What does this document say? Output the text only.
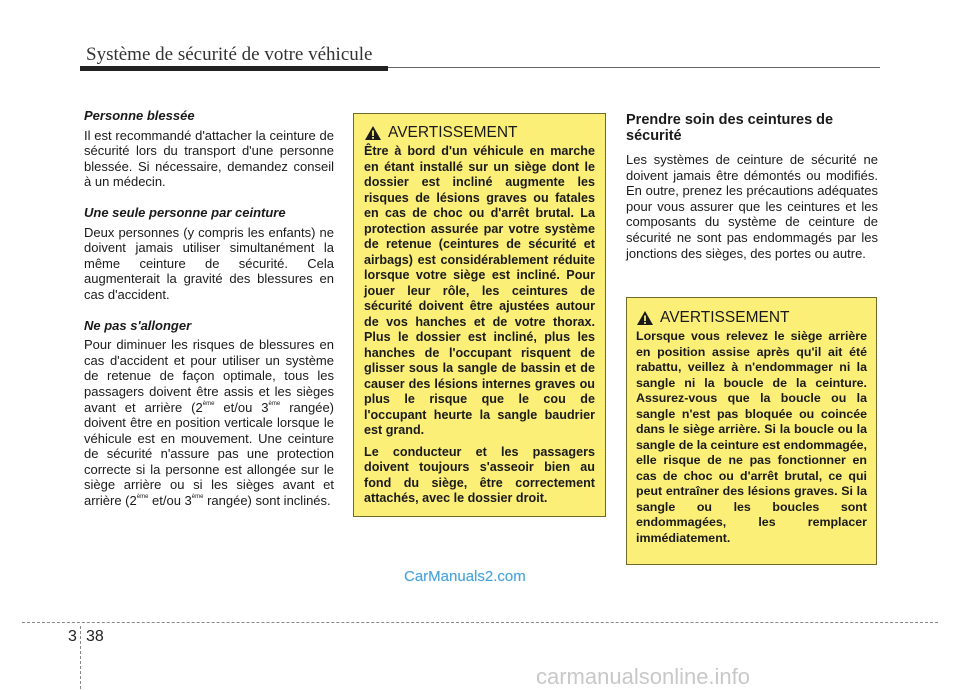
Système de sécurité de votre véhicule
Personne blessée
Il est recommandé d'attacher la ceinture de sécurité lors du transport d'une personne blessée. Si nécessaire, demandez conseil à un médecin.
Une seule personne par ceinture
Deux personnes (y compris les enfants) ne doivent jamais utiliser simultanément la même ceinture de sécurité. Cela augmenterait la gravité des blessures en cas d'accident.
Ne pas s'allonger
Pour diminuer les risques de blessures en cas d'accident et pour utiliser un système de retenue de façon optimale, tous les passagers doivent être assis et les sièges avant et arrière (2ème et/ou 3ème rangée) doivent être en position verticale lorsque le véhicule est en mouvement. Une ceinture de sécurité n'assure pas une protection correcte si la personne est allongée sur le siège arrière ou si les sièges avant et arrière (2ème et/ou 3ème rangée) sont inclinés.
AVERTISSEMENT
Être à bord d'un véhicule en marche en étant installé sur un siège dont le dossier est incliné augmente les risques de lésions graves ou fatales en cas de choc ou d'arrêt brutal. La protection assurée par votre système de retenue (ceintures de sécurité et airbags) est considérablement réduite lorsque votre siège est incliné. Pour jouer leur rôle, les ceintures de sécurité doivent être ajustées autour de vos hanches et de votre thorax. Plus le dossier est incliné, plus les hanches de l'occupant risquent de glisser sous la sangle de bassin et de causer des lésions internes graves ou plus le risque que le cou de l'occupant heurte la sangle baudrier est grand.
Le conducteur et les passagers doivent toujours s'asseoir bien au fond du siège, être correctement attachés, avec le dossier droit.
Prendre soin des ceintures de sécurité
Les systèmes de ceinture de sécurité ne doivent jamais être démontés ou modifiés. En outre, prenez les précautions adéquates pour vous assurer que les ceintures et les composants du système de ceinture de sécurité ne sont pas endommagés par les jonctions des sièges, des portes ou autre.
AVERTISSEMENT
Lorsque vous relevez le siège arrière en position assise après qu'il ait été rabattu, veillez à n'endommager ni la sangle ni la boucle de la ceinture. Assurez-vous que la boucle ou la sangle n'est pas bloquée ou coincée dans le siège arrière. Si la boucle ou la sangle de la ceinture est endommagée, elle risque de ne pas fonctionner en cas de choc ou d'arrêt brutal, ce qui peut entraîner des lésions graves. Si la sangle ou les boucles sont endommagées, les remplacer immédiatement.
CarManuals2.com
3 38
carmanualsonline.info
